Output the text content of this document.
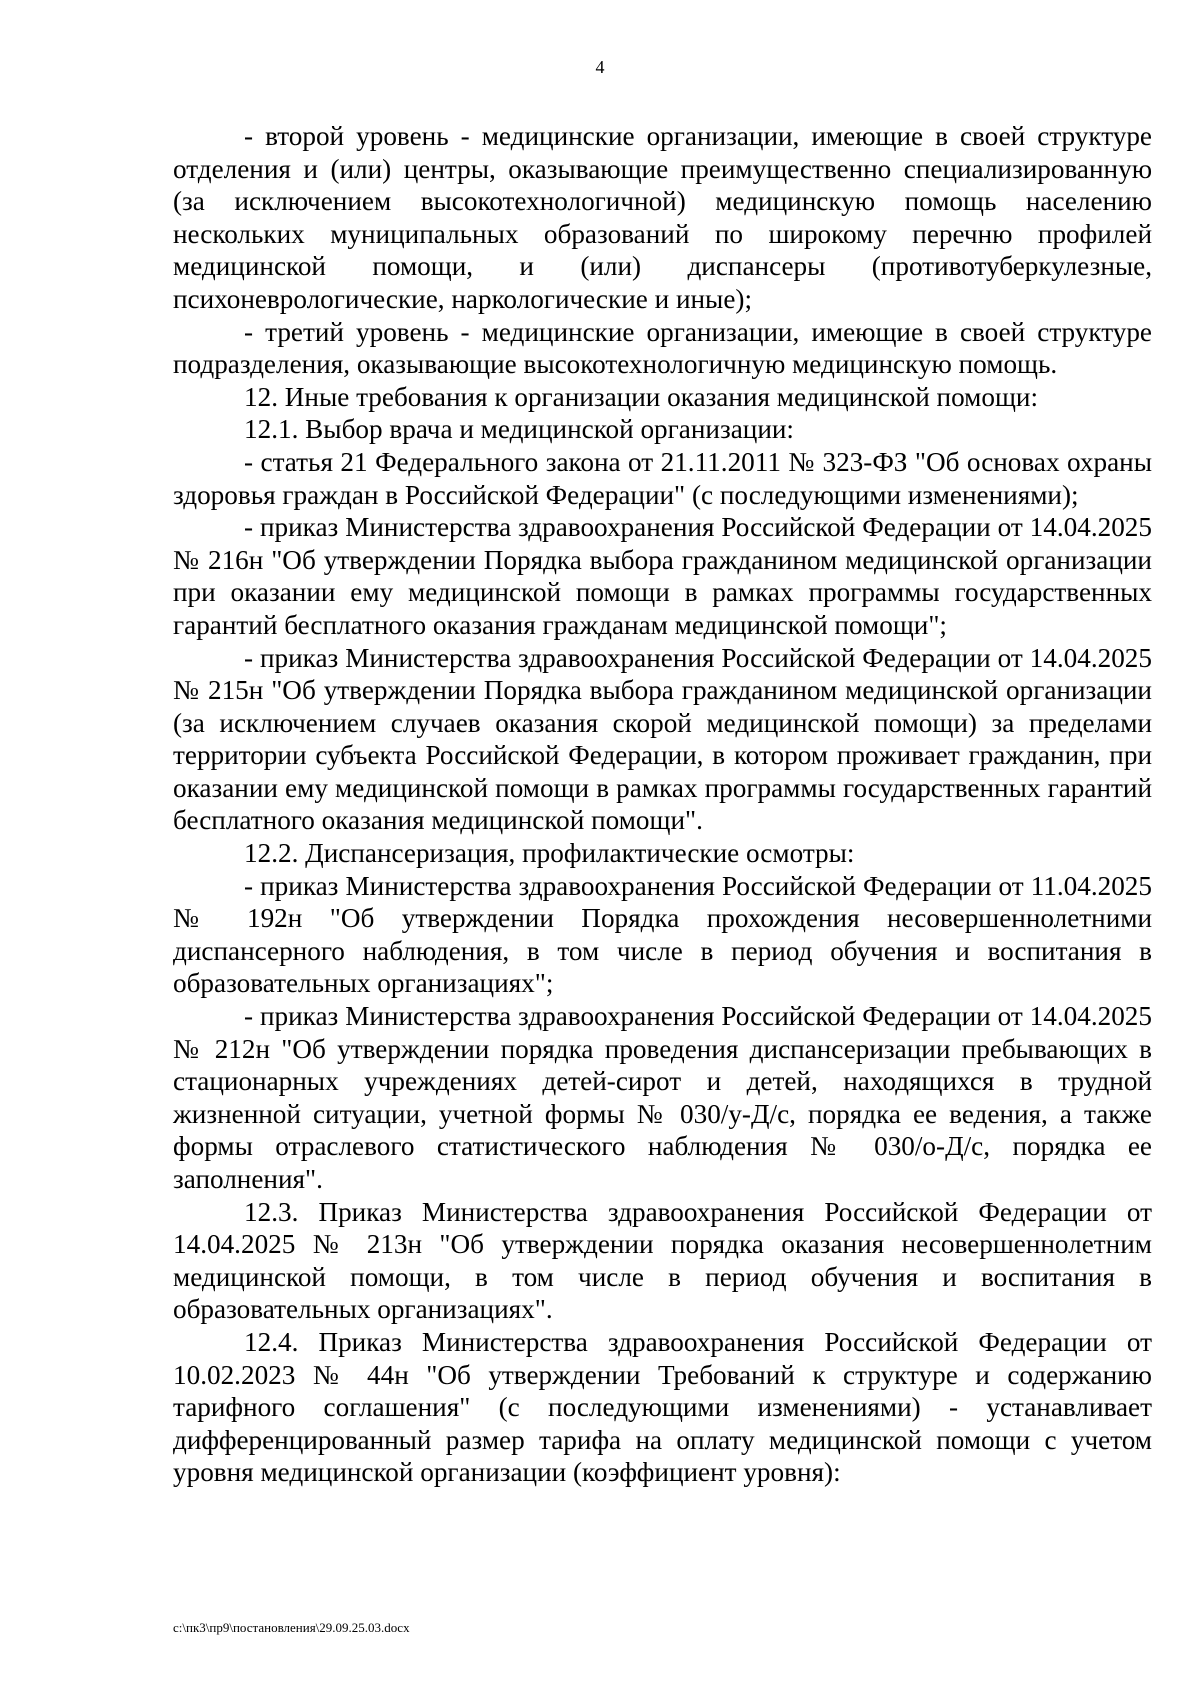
4

- второй уровень - медицинские организации, имеющие в своей структуре отделения и (или) центры, оказывающие преимущественно специализированную (за исключением высокотехнологичной) медицинскую помощь населению нескольких муниципальных образований по широкому перечню профилей медицинской помощи, и (или) диспансеры (противотуберкулезные, психоневрологические, наркологические и иные);

- третий уровень - медицинские организации, имеющие в своей структуре подразделения, оказывающие высокотехнологичную медицинскую помощь.

12. Иные требования к организации оказания медицинской помощи:

12.1. Выбор врача и медицинской организации:

- статья 21 Федерального закона от 21.11.2011 № 323-ФЗ "Об основах охраны здоровья граждан в Российской Федерации" (с последующими изменениями);

- приказ Министерства здравоохранения Российской Федерации от 14.04.2025 № 216н "Об утверждении Порядка выбора гражданином медицинской организации при оказании ему медицинской помощи в рамках программы государственных гарантий бесплатного оказания гражданам медицинской помощи";

- приказ Министерства здравоохранения Российской Федерации от 14.04.2025 № 215н "Об утверждении Порядка выбора гражданином медицинской организации (за исключением случаев оказания скорой медицинской помощи) за пределами территории субъекта Российской Федерации, в котором проживает гражданин, при оказании ему медицинской помощи в рамках программы государственных гарантий бесплатного оказания медицинской помощи".

12.2. Диспансеризация, профилактические осмотры:

- приказ Министерства здравоохранения Российской Федерации от 11.04.2025 № 192н "Об утверждении Порядка прохождения несовершеннолетними диспансерного наблюдения, в том числе в период обучения и воспитания в образовательных организациях";

- приказ Министерства здравоохранения Российской Федерации от 14.04.2025 № 212н "Об утверждении порядка проведения диспансеризации пребывающих в стационарных учреждениях детей-сирот и детей, находящихся в трудной жизненной ситуации, учетной формы № 030/у-Д/с, порядка ее ведения, а также формы отраслевого статистического наблюдения № 030/о-Д/с, порядка ее заполнения".

12.3. Приказ Министерства здравоохранения Российской Федерации от 14.04.2025 № 213н "Об утверждении порядка оказания несовершеннолетним медицинской помощи, в том числе в период обучения и воспитания в образовательных организациях".

12.4. Приказ Министерства здравоохранения Российской Федерации от 10.02.2023 № 44н "Об утверждении Требований к структуре и содержанию тарифного соглашения" (с последующими изменениями) - устанавливает дифференцированный размер тарифа на оплату медицинской помощи с учетом уровня медицинской организации (коэффициент уровня):

c:\пк3\пр9\постановления\29.09.25.03.docx
